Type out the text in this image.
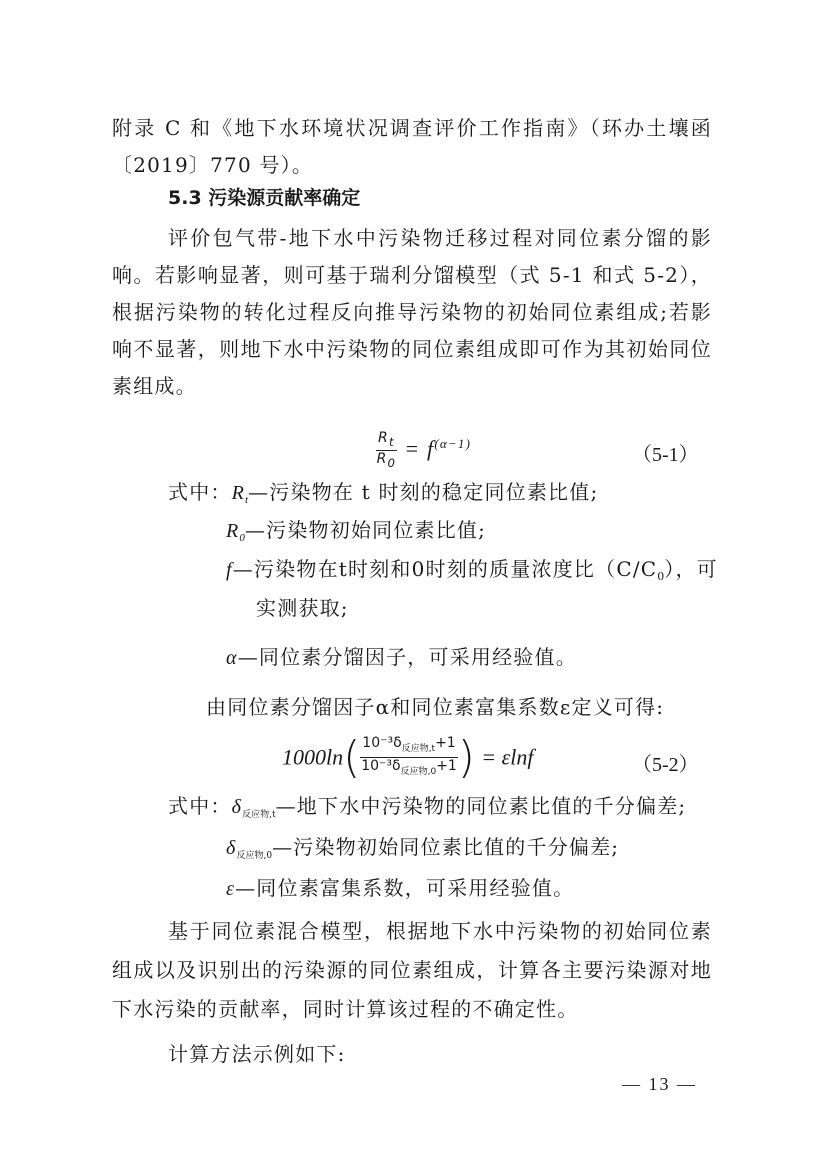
附录 C 和《地下水环境状况调查评价工作指南》（环办土壤函〔2019〕770 号）。
5.3 污染源贡献率确定
评价包气带-地下水中污染物迁移过程对同位素分馏的影响。若影响显著，则可基于瑞利分馏模型（式 5-1 和式 5-2），根据污染物的转化过程反向推导污染物的初始同位素组成;若影响不显著，则地下水中污染物的同位素组成即可作为其初始同位素组成。
$\frac{R_t}{R_0} = f^{(\alpha-1)}$
（5-1）
式中：$R_t—$污染物在 t 时刻的稳定同位素比值;
$R_0—$污染物初始同位素比值;
f—污染物在t时刻和0时刻的质量浓度比$(C/C_0)$，可
实测获取;
α—同位素分馏因子，可采用经验值。
由同位素分馏因子α和同位素富集系数ε定义可得:
$1000\ln( \frac{10^{-3}\delta_{反应物,t}+1}{10^{-3}\delta_{反应物,0}+1}$ ) = εlnf	（5-2）
式中：$\delta_{反应物,t}—$地下水中污染物的同位素比值的千分偏差;
$\delta_{反应物,0}—$污染物初始同位素比值的千分偏差;
ε—同位素富集系数，可采用经验值。
基于同位素混合模型，根据地下水中污染物的初始同位素组成以及识别出的污染源的同位素组成，计算各主要污染源对地下水污染的贡献率，同时计算该过程的不确定性。
计算方法示例如下:
— 13 —
